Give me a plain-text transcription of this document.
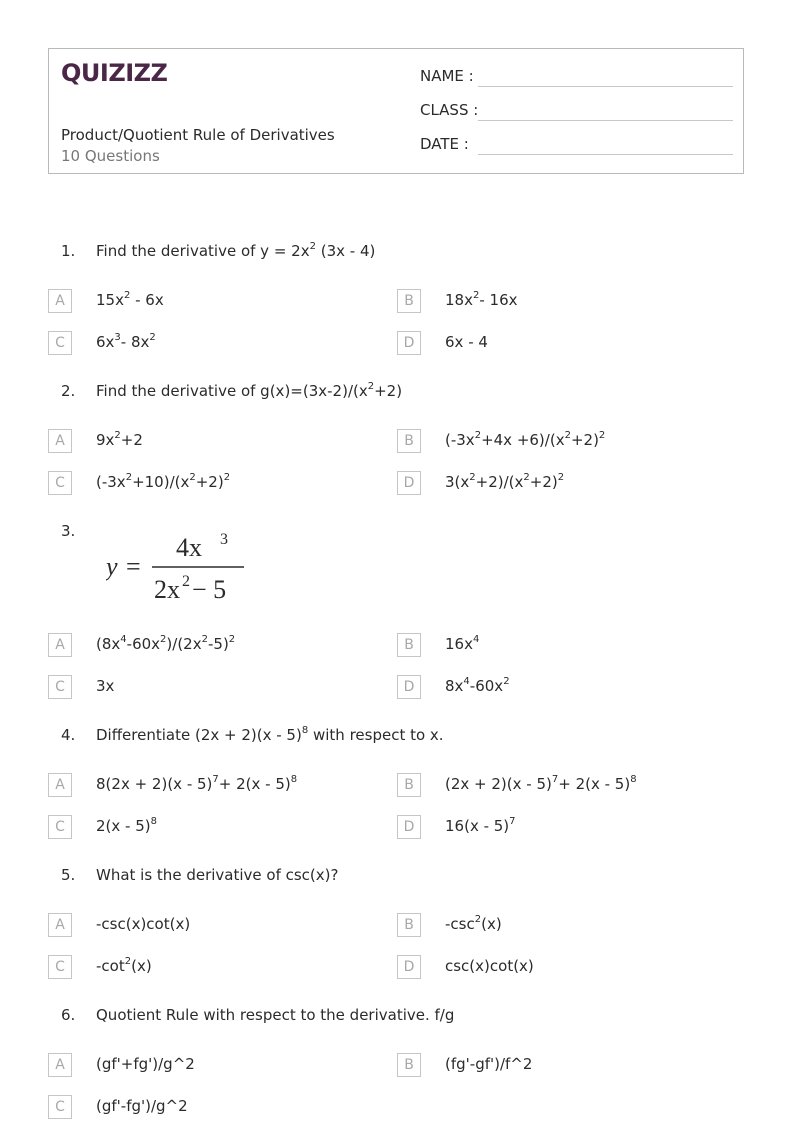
QUIZIZZ
Product/Quotient Rule of Derivatives
10 Questions
NAME :
CLASS :
DATE :
1.	Find the derivative of $y = 2x^2$ (3x - 4)
A	$15x^2 - 6x$	B	$18x^2-$ 16x
C	$6x^3-$ $8x^2$	D	6x - 4
2.	Find the derivative of $g(x)=(3x-2)/(x^2+2)$
A	$9x^2+2$	B	$(-3x^2+4x +6)/(x^2+2)^2$
C	$(-3x^2+10)/(x^2+2)^2$	D	$3(x^2+2)/(x^2+2)^2$
3.
y =
4x 3
2x 2 − 5
A	$(8x^4-60x^2)/(2x^2-5)^2$	B	$16x^4$
C	3x	D	$8x^4-60x^2$
4.	Differentiate (2x + 2)(x - 5)$^8$ with respect to x.
A	8(2x + 2)(x - 5)$^7$+ 2(x - 5)$^8$	B	(2x + 2)(x - 5)$^7$+ 2(x - 5)$^8$
C	2(x - 5)$^8$	D	16(x - 5)$^7$
5.	What is the derivative of csc(x)?
A	-csc(x)cot(x)	B	$-\csc^2(x)$
C	$-\cot^2(x)$	D	csc(x)cot(x)
6.	Quotient Rule with respect to the derivative. f/g
A	(gf'+fg')/g^2	B	(fg'-gf')/f^2
C	(gf'-fg')/g^2
